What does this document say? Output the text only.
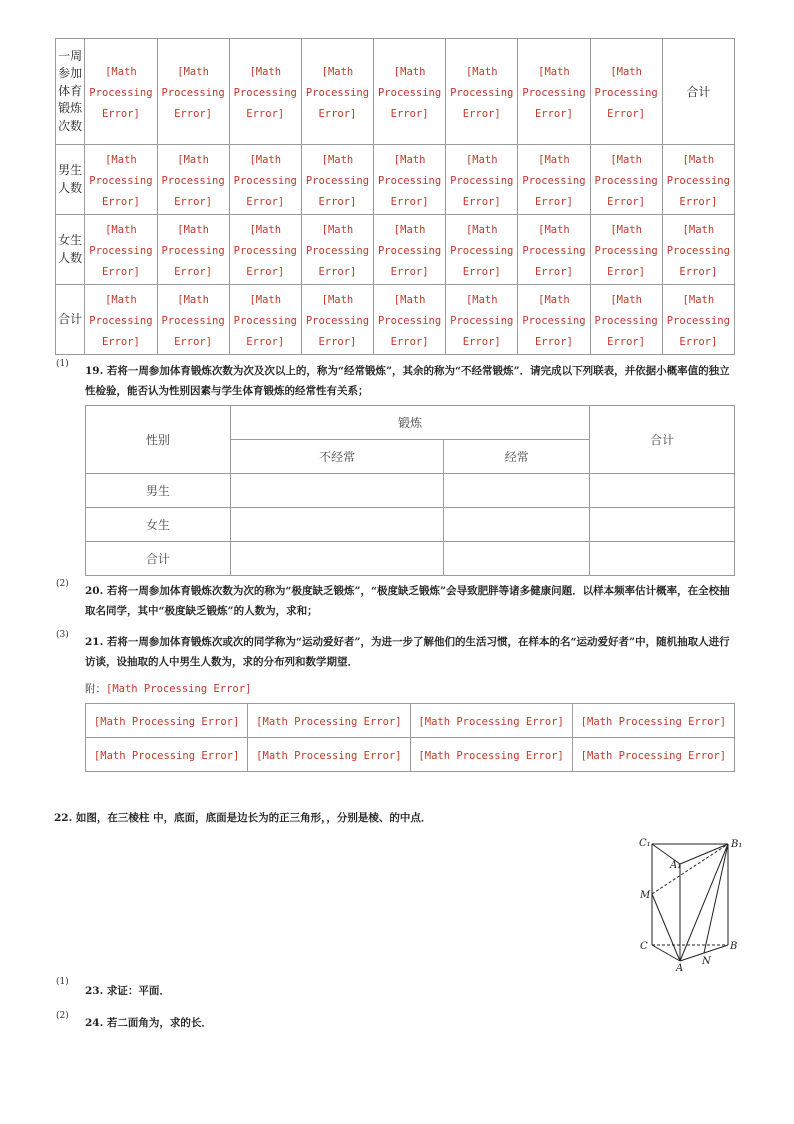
一周参加体育锻炼次数	[Math
Processing
Error]	[Math
Processing
Error]	[Math
Processing
Error]	[Math
Processing
Error]	[Math
Processing
Error]	[Math
Processing
Error]	[Math
Processing
Error]	[Math
Processing
Error]	合计
男生人数	[Math
Processing
Error]	[Math
Processing
Error]	[Math
Processing
Error]	[Math
Processing
Error]	[Math
Processing
Error]	[Math
Processing
Error]	[Math
Processing
Error]	[Math
Processing
Error]	[Math
Processing
Error]
女生人数	[Math
Processing
Error]	[Math
Processing
Error]	[Math
Processing
Error]	[Math
Processing
Error]	[Math
Processing
Error]	[Math
Processing
Error]	[Math
Processing
Error]	[Math
Processing
Error]	[Math
Processing
Error]
合计	[Math
Processing
Error]	[Math
Processing
Error]	[Math
Processing
Error]	[Math
Processing
Error]	[Math
Processing
Error]	[Math
Processing
Error]	[Math
Processing
Error]	[Math
Processing
Error]	[Math
Processing
Error]
(1)
19. 若将一周参加体育锻炼次数为次及次以上的，称为“经常锻炼”，其余的称为“不经常锻炼”．请完成以下列联表，并依据小概率值的独立性检验，能否认为性别因素与学生体育锻炼的经常性有关系；
性别	锻炼		合计
	不经常	经常	
男生			
女生			
合计			
(2)
20. 若将一周参加体育锻炼次数为次的称为“极度缺乏锻炼”，“极度缺乏锻炼”会导致肥胖等诸多健康问题．以样本频率估计概率，在全校抽取名同学，其中“极度缺乏锻炼”的人数为，求和；
(3)
21. 若将一周参加体育锻炼次或次的同学称为“运动爱好者”，为进一步了解他们的生活习惯，在样本的名“运动爱好者”中，随机抽取人进行访谈，设抽取的人中男生人数为，求的分布列和数学期望．
附：[Math Processing Error]
[Math Processing Error]	[Math Processing Error]	[Math Processing Error]	[Math Processing Error]
[Math Processing Error]	[Math Processing Error]	[Math Processing Error]	[Math Processing Error]
22. 如图，在三棱柱 中，底面，底面是边长为的正三角形，，分别是棱、的中点．
C₁	B₁
A₁
M
C	B
A
N
(1)
23. 求证：平面．
(2)
24. 若二面角为，求的长．
